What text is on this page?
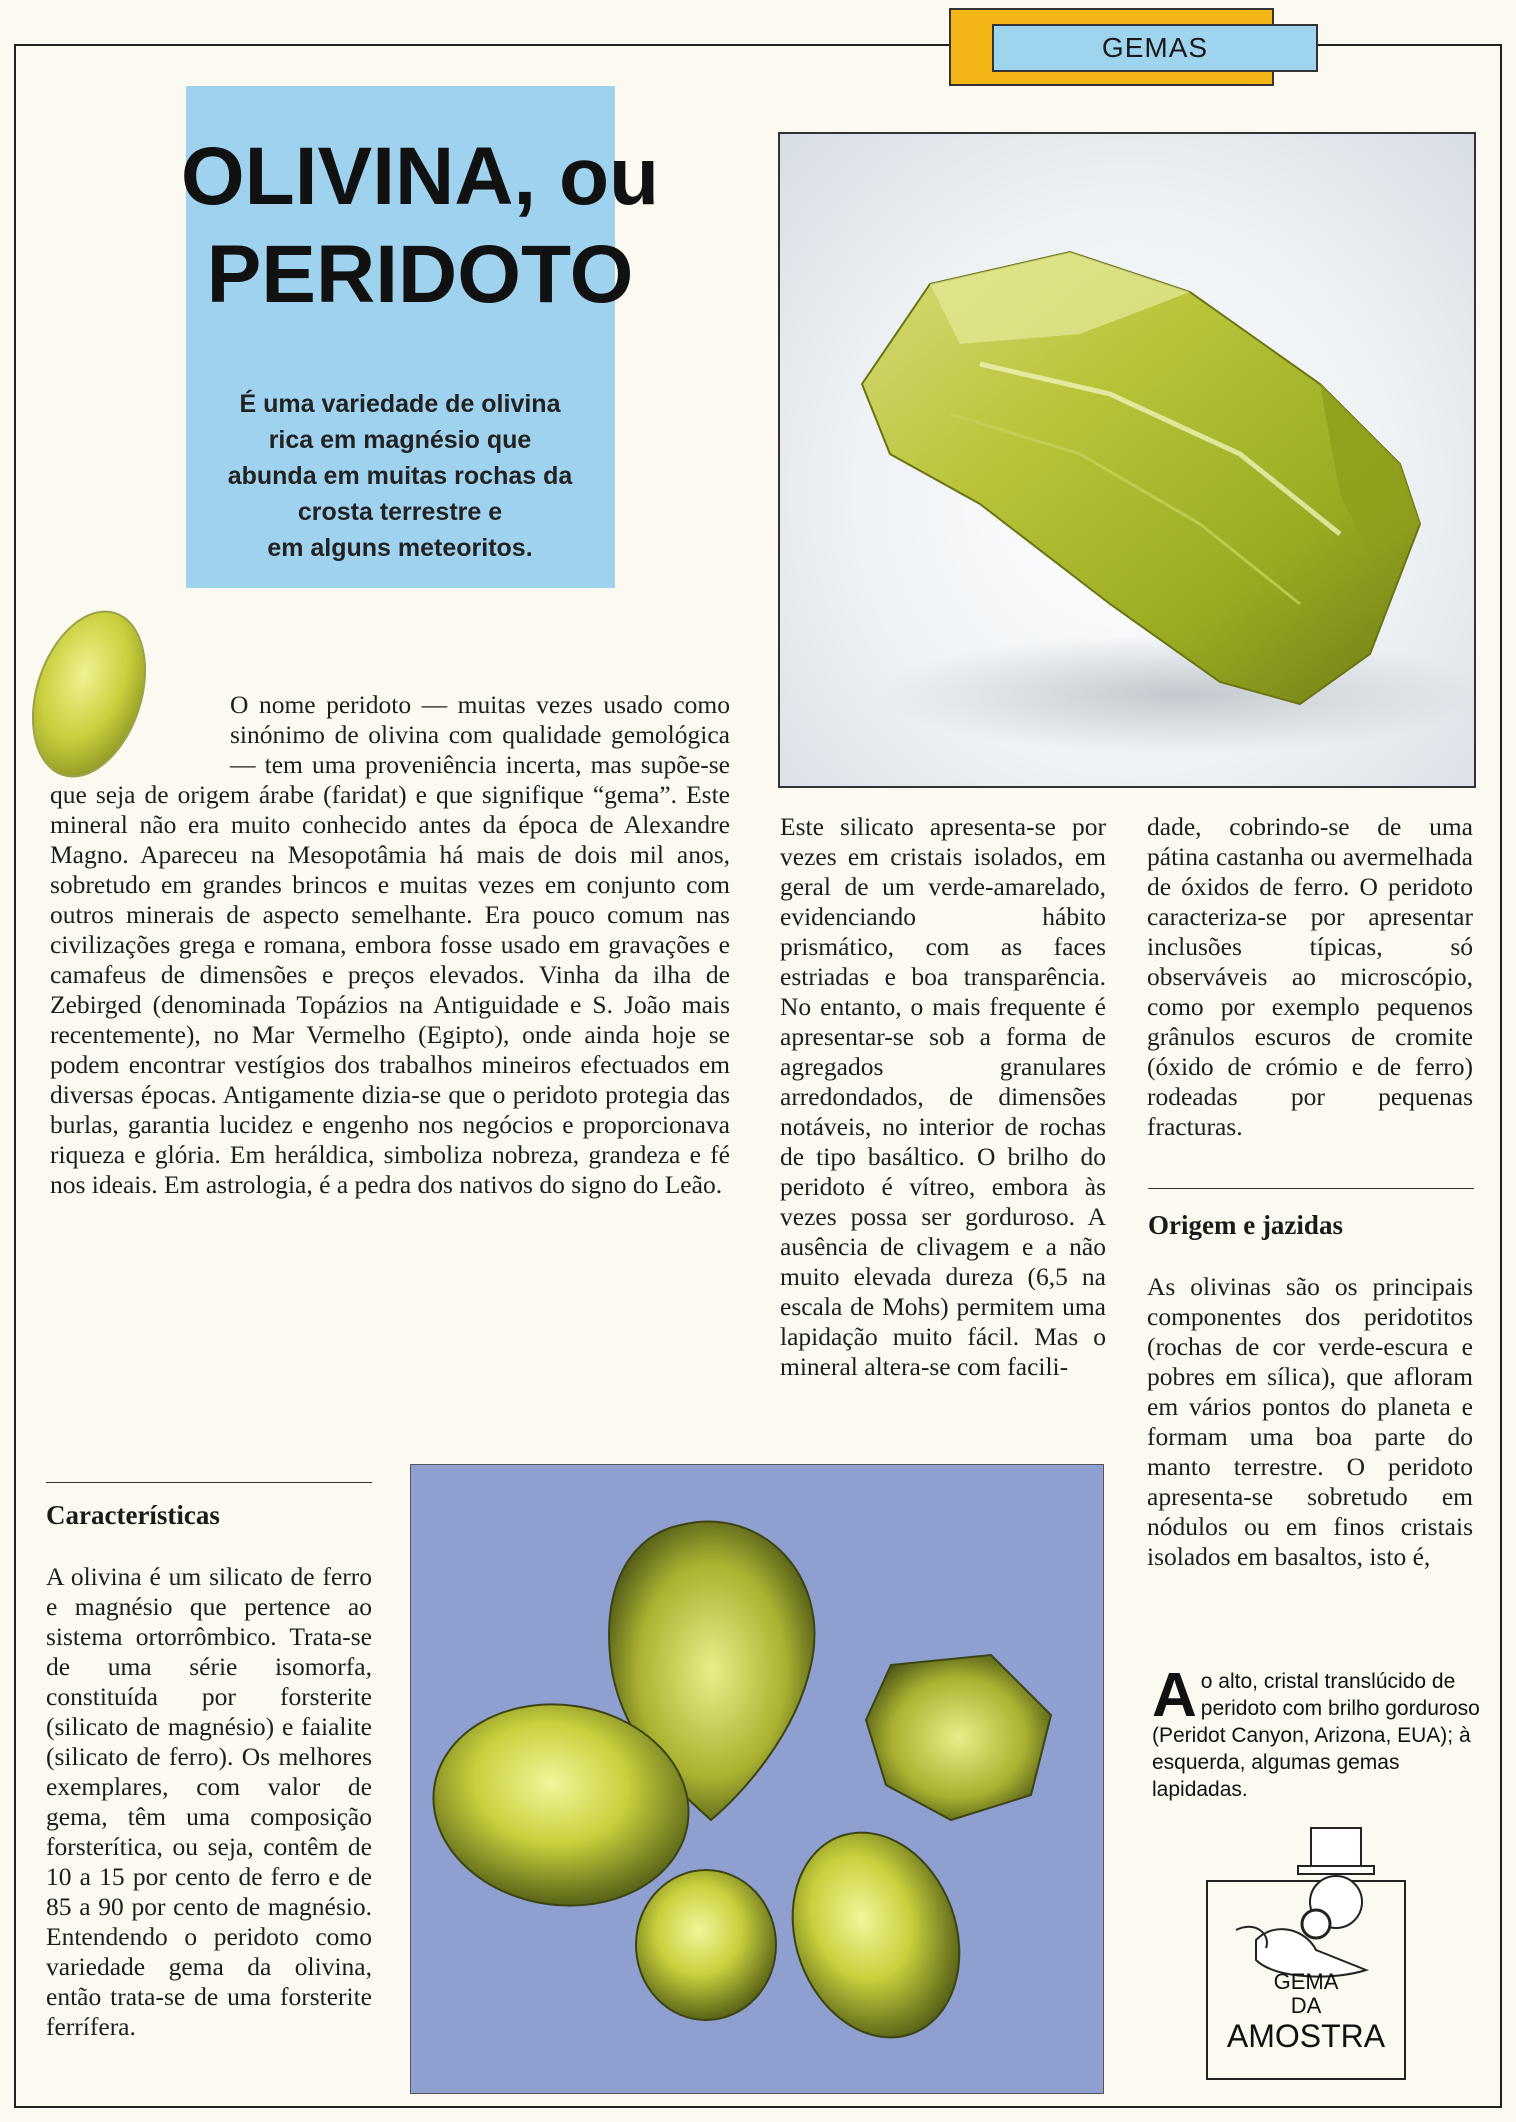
GEMAS
OLIVINA, ou
PERIDOTO
É uma variedade de olivina
rica em magnésio que
abunda em muitas rochas da
crosta terrestre e
em alguns meteoritos.

O nome peridoto — muitas vezes usado como sinónimo de olivina com qualidade gemológica — tem uma proveniência incerta, mas supõe-se que seja de origem árabe (faridat) e que signifique “gema”. Este mineral não era muito conhecido antes da época de Alexandre Magno. Apareceu na Mesopotâmia há mais de dois mil anos, sobretudo em grandes brincos e muitas vezes em conjunto com outros minerais de aspecto semelhante. Era pouco comum nas civilizações grega e romana, embora fosse usado em gravações e camafeus de dimensões e preços elevados. Vinha da ilha de Zebirged (denominada Topázios na Antiguidade e S. João mais recentemente), no Mar Vermelho (Egipto), onde ainda hoje se podem encontrar vestígios dos trabalhos mineiros efectuados em diversas épocas. Antigamente dizia-se que o peridoto protegia das burlas, garantia lucidez e engenho nos negócios e proporcionava riqueza e glória. Em heráldica, simboliza nobreza, grandeza e fé nos ideais. Em astrologia, é a pedra dos nativos do signo do Leão.

Este silicato apresenta-se por vezes em cristais isolados, em geral de um verde-amarelado, evidenciando hábito prismático, com as faces estriadas e boa transparência. No entanto, o mais frequente é apresentar-se sob a forma de agregados granulares arredondados, de dimensões notáveis, no interior de rochas de tipo basáltico. O brilho do peridoto é vítreo, embora às vezes possa ser gorduroso. A ausência de clivagem e a não muito elevada dureza (6,5 na escala de Mohs) permitem uma lapidação muito fácil. Mas o mineral altera-se com facili-

dade, cobrindo-se de uma pátina castanha ou avermelhada de óxidos de ferro. O peridoto caracteriza-se por apresentar inclusões típicas, só observáveis ao microscópio, como por exemplo pequenos grânulos escuros de cromite (óxido de crómio e de ferro) rodeadas por pequenas fracturas.

Origem e jazidas

As olivinas são os principais componentes dos peridotitos (rochas de cor verde-escura e pobres em sílica), que afloram em vários pontos do planeta e formam uma boa parte do manto terrestre. O peridoto apresenta-se sobretudo em nódulos ou em finos cristais isolados em basaltos, isto é,

Características

A olivina é um silicato de ferro e magnésio que pertence ao sistema ortorrômbico. Trata-se de uma série isomorfa, constituída por forsterite (silicato de magnésio) e faialite (silicato de ferro). Os melhores exemplares, com valor de gema, têm uma composição forsterítica, ou seja, contêm de 10 a 15 por cento de ferro e de 85 a 90 por cento de magnésio. Entendendo o peridoto como variedade gema da olivina, então trata-se de uma forsterite ferrífera.

A o alto, cristal translúcido de peridoto com brilho gorduroso (Peridot Canyon, Arizona, EUA); à esquerda, algumas gemas lapidadas.
GEMA
DA
AMOSTRA
